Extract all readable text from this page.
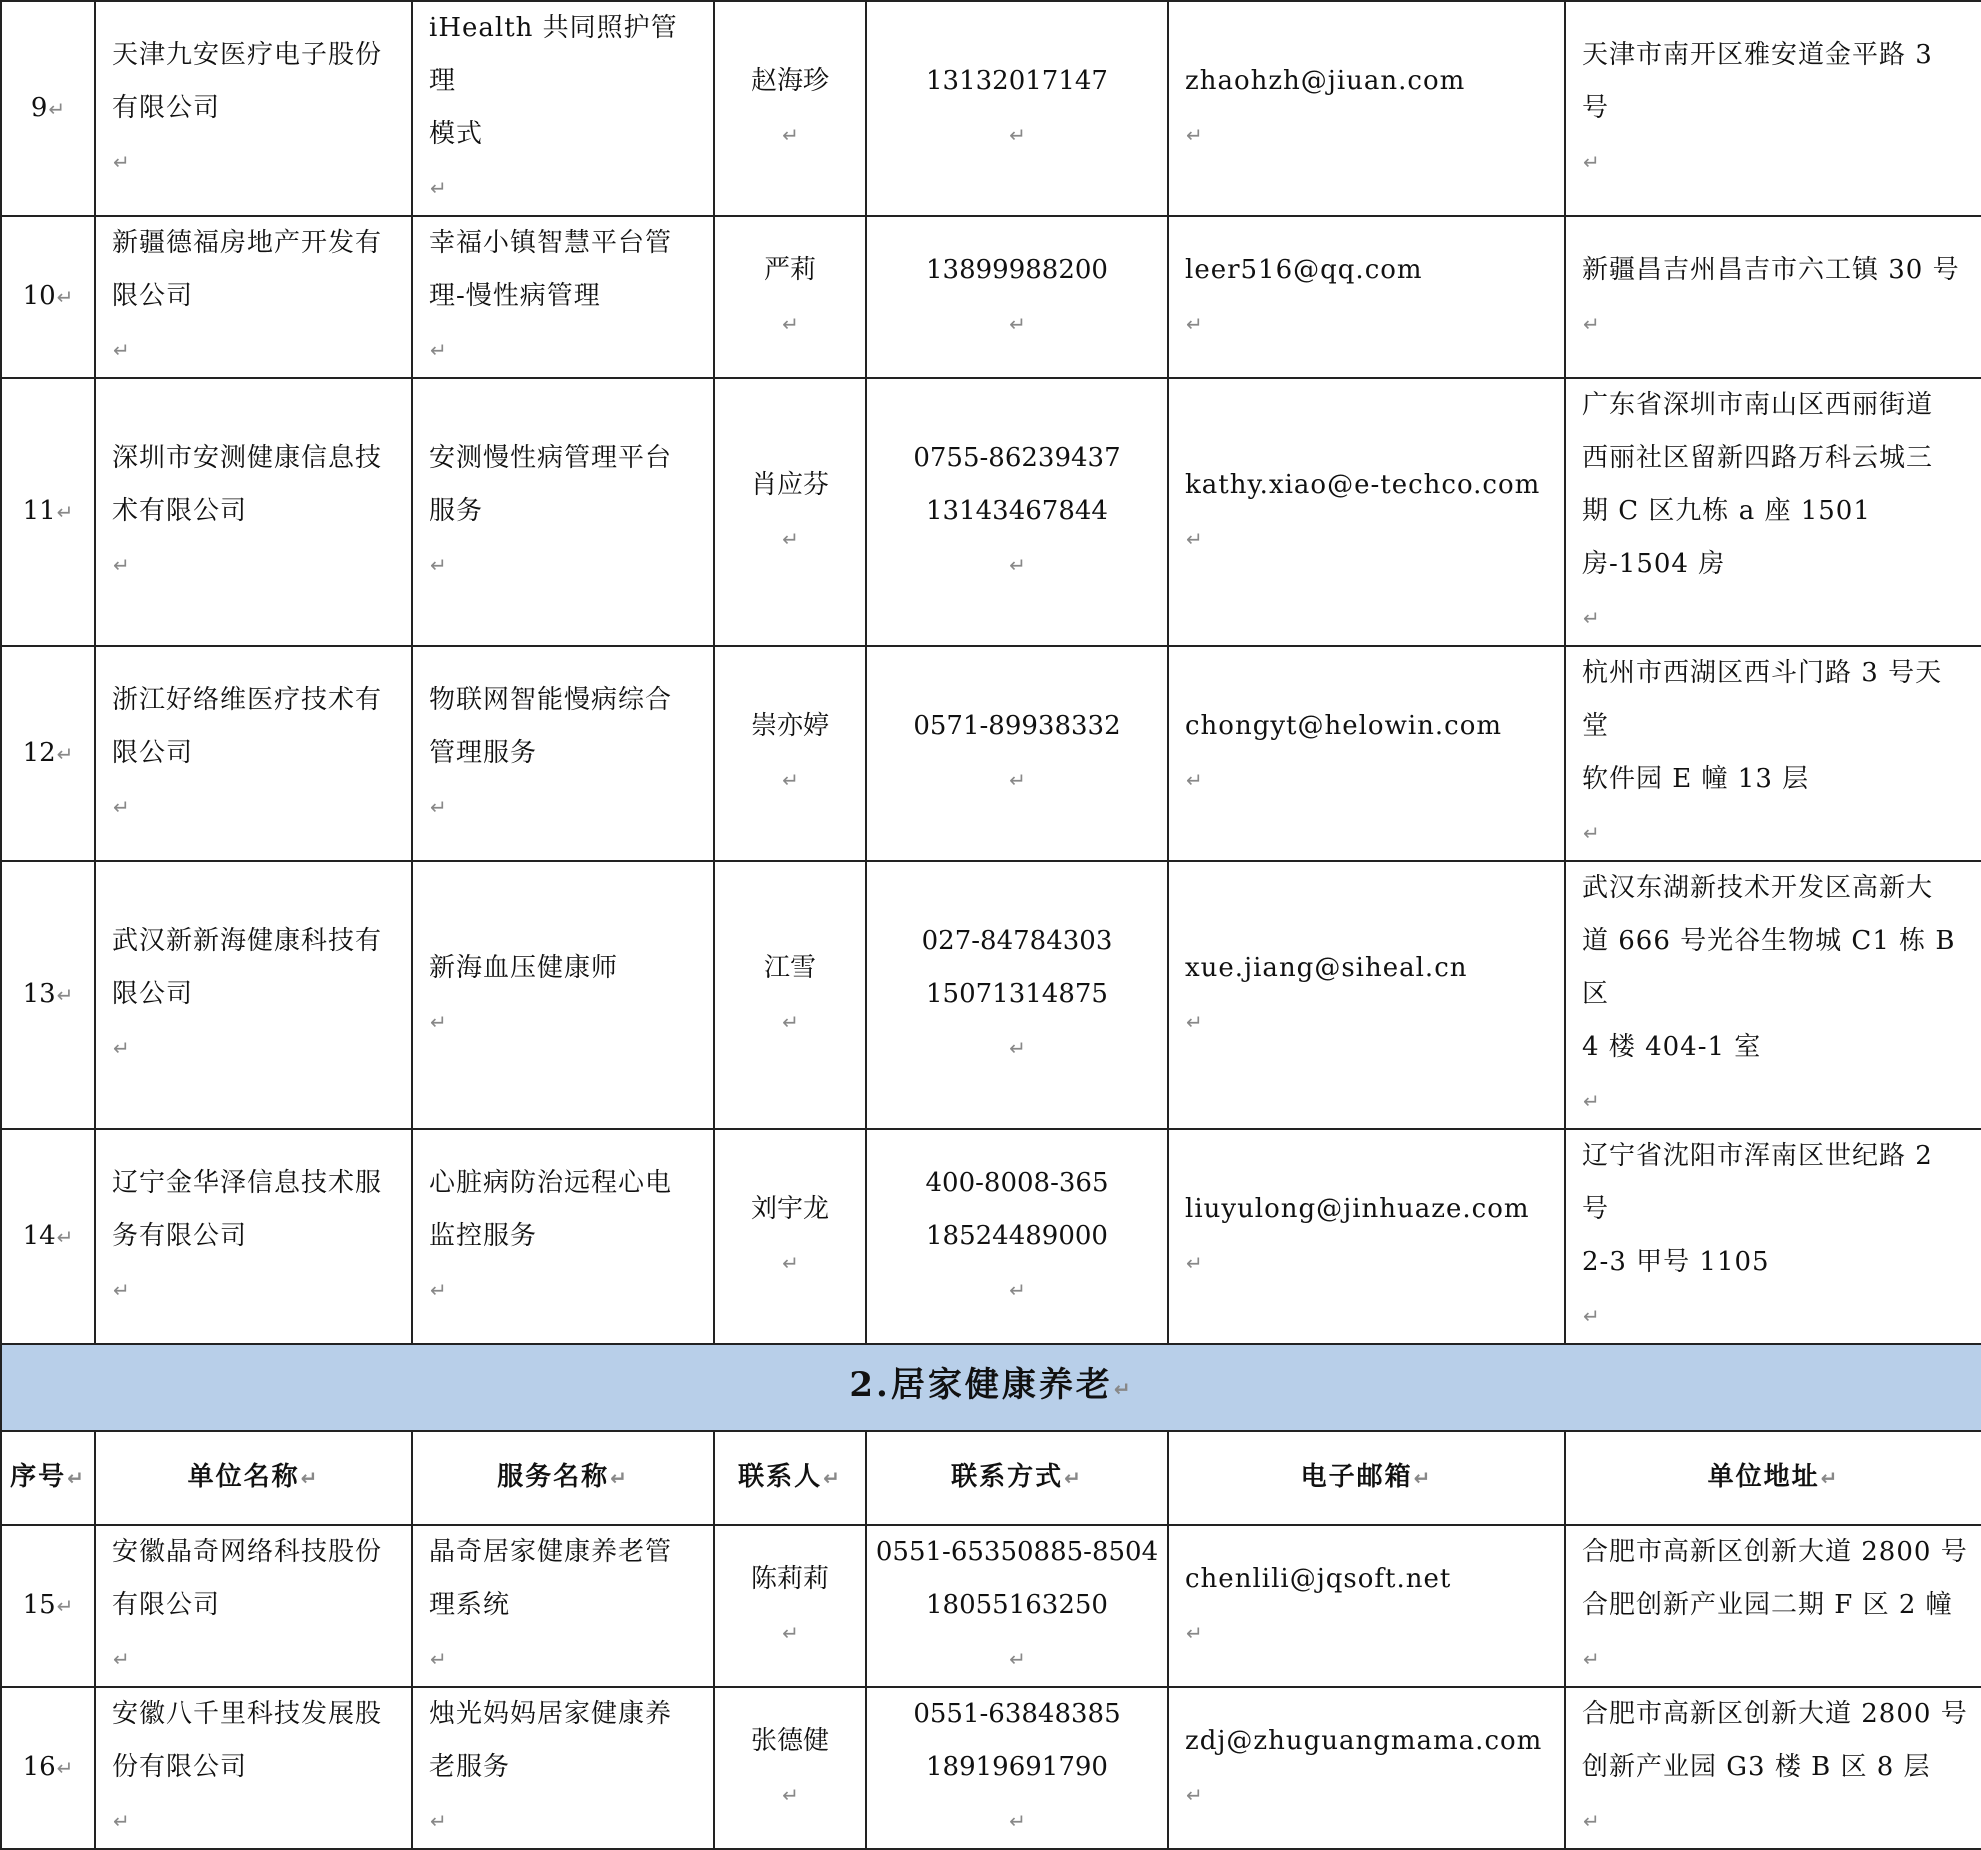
9↵	天津九安医疗电子股份
有限公司
↵	iHealth 共同照护管理
模式
↵	赵海珍
↵	13132017147
↵	zhaohzh@jiuan.com
↵	天津市南开区雅安道金平路 3 号
↵
10↵	新疆德福房地产开发有
限公司
↵	幸福小镇智慧平台管
理-慢性病管理
↵	严莉
↵	13899988200
↵	leer516@qq.com
↵	新疆昌吉州昌吉市六工镇 30 号
↵
11↵	深圳市安测健康信息技
术有限公司
↵	安测慢性病管理平台
服务
↵	肖应芬
↵	0755-86239437
13143467844
↵	kathy.xiao@e-techco.com
↵	广东省深圳市南山区西丽街道
西丽社区留新四路万科云城三
期 C 区九栋 a 座 1501 房-1504 房
↵
12↵	浙江好络维医疗技术有
限公司
↵	物联网智能慢病综合
管理服务
↵	崇亦婷
↵	0571-89938332
↵	chongyt@helowin.com
↵	杭州市西湖区西斗门路 3 号天堂
软件园 E 幢 13 层
↵
13↵	武汉新新海健康科技有
限公司
↵	新海血压健康师
↵	江雪
↵	027-84784303
15071314875
↵	xue.jiang@siheal.cn
↵	武汉东湖新技术开发区高新大
道 666 号光谷生物城 C1 栋 B 区
4 楼 404-1 室
↵
14↵	辽宁金华泽信息技术服
务有限公司
↵	心脏病防治远程心电
监控服务
↵	刘宇龙
↵	400-8008-365
18524489000
↵	liuyulong@jinhuaze.com
↵	辽宁省沈阳市浑南区世纪路 2 号
2-3 甲号 1105
↵
2.居家健康养老↵						
序号↵	单位名称↵	服务名称↵	联系人↵	联系方式↵	电子邮箱↵	单位地址↵
15↵	安徽晶奇网络科技股份
有限公司
↵	晶奇居家健康养老管
理系统
↵	陈莉莉
↵	0551-65350885-8504
18055163250
↵	chenlili@jqsoft.net
↵	合肥市高新区创新大道 2800 号
合肥创新产业园二期 F 区 2 幢
↵
16↵	安徽八千里科技发展股
份有限公司
↵	烛光妈妈居家健康养
老服务
↵	张德健
↵	0551-63848385
18919691790
↵	zdj@zhuguangmama.com
↵	合肥市高新区创新大道 2800 号
创新产业园 G3 楼 B 区 8 层
↵
